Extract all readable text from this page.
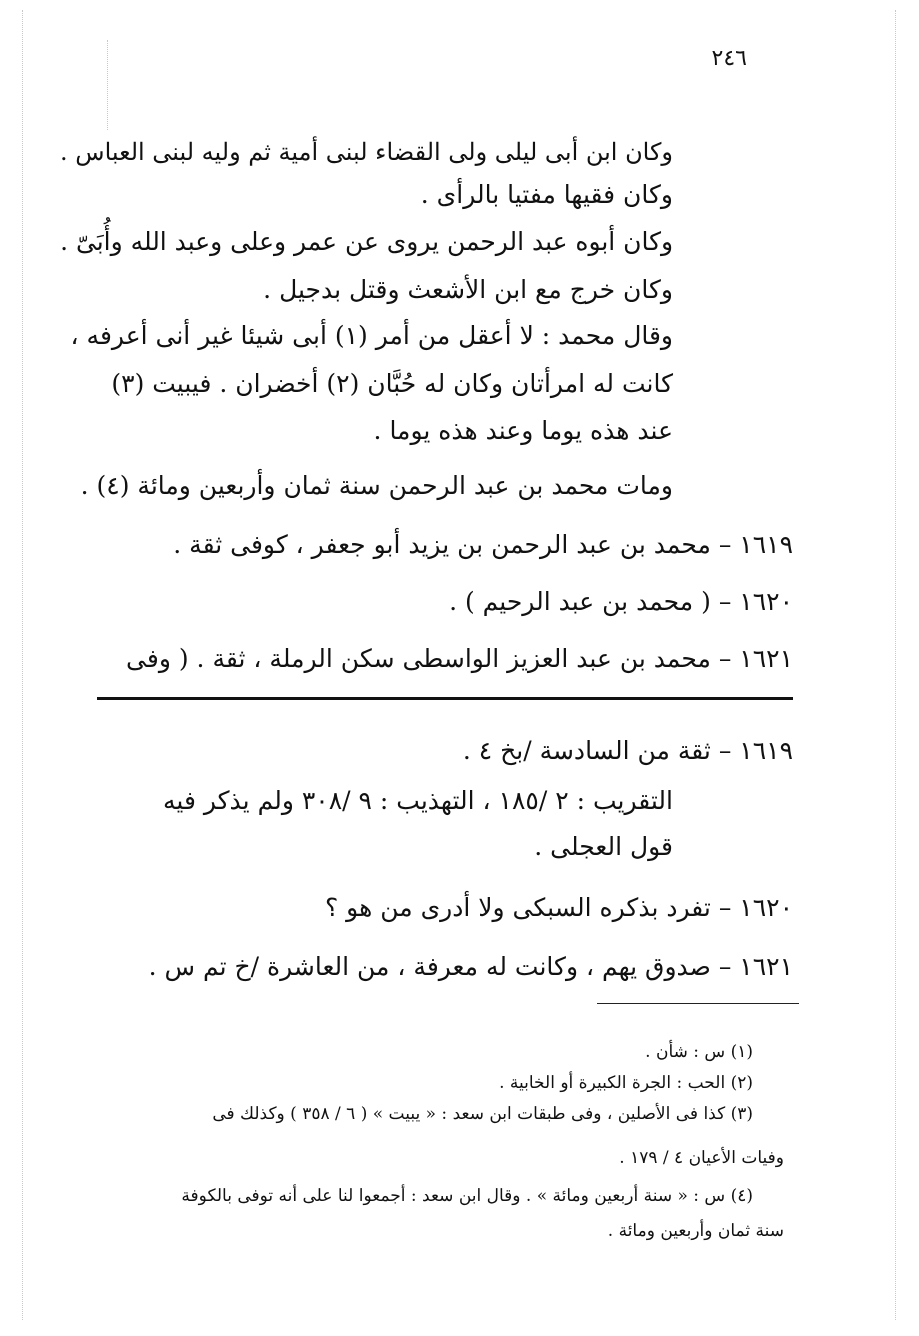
٢٤٦
وكان ابن أبى ليلى ولى القضاء لبنى أمية ثم وليه لبنى العباس .
وكان فقيها مفتيا بالرأى .
وكان أبوه عبد الرحمن يروى عن عمر وعلى وعبد الله وأُبَىّ .
وكان خرج مع ابن الأشعث وقتل بدجيل .
وقال محمد : لا أعقل من أمر (١) أبى شيئا غير أنى أعرفه ،
كانت له امرأتان وكان له حُبَّان (٢) أخضران . فيبيت (٣)
عند هذه يوما وعند هذه يوما .
ومات محمد بن عبد الرحمن سنة ثمان وأربعين ومائة (٤) .
١٦١٩ – محمد بن عبد الرحمن بن يزيد أبو جعفر ، كوفى ثقة .
١٦٢٠ – ( محمد بن عبد الرحيم ) .
١٦٢١ – محمد بن عبد العزيز الواسطى سكن الرملة ، ثقة . ( وفى
١٦١٩ – ثقة من السادسة /بخ ٤ .
التقريب : ٢ /١٨٥ ، التهذيب : ٩ /٣٠٨ ولم يذكر فيه
قول العجلى .
١٦٢٠ – تفرد بذكره السبكى ولا أدرى من هو ؟
١٦٢١ – صدوق يهم ، وكانت له معرفة ، من العاشرة /خ تم س .
(١) س : شأن .
(٢) الحب : الجرة الكبيرة أو الخابية .
(٣) كذا فى الأصلين ، وفى طبقات ابن سعد : « يبيت » ( ٦ / ٣٥٨ ) وكذلك فى
وفيات الأعيان ٤ / ١٧٩ .
(٤) س : « سنة أربعين ومائة » . وقال ابن سعد : أجمعوا لنا على أنه توفى بالكوفة
سنة ثمان وأربعين ومائة .
